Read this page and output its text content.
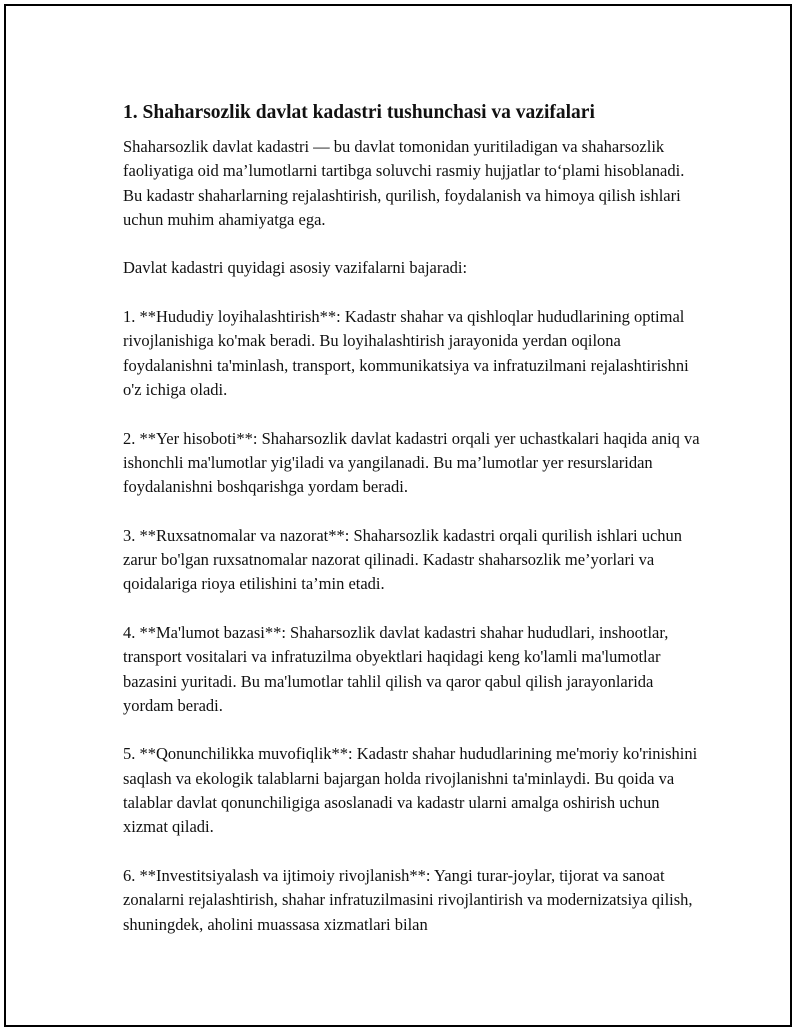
1. Shaharsozlik davlat kadastri tushunchasi va vazifalari

Shaharsozlik davlat kadastri — bu davlat tomonidan yuritiladigan va shaharsozlik faoliyatiga oid ma’lumotlarni tartibga soluvchi rasmiy hujjatlar to‘plami hisoblanadi. Bu kadastr shaharlarning rejalashtirish, qurilish, foydalanish va himoya qilish ishlari uchun muhim ahamiyatga ega.

Davlat kadastri quyidagi asosiy vazifalarni bajaradi:

1. **Hududiy loyihalashtirish**: Kadastr shahar va qishloqlar hududlarining optimal rivojlanishiga ko'mak beradi. Bu loyihalashtirish jarayonida yerdan oqilona foydalanishni ta'minlash, transport, kommunikatsiya va infratuzilmani rejalashtirishni o'z ichiga oladi.

2. **Yer hisoboti**: Shaharsozlik davlat kadastri orqali yer uchastkalari haqida aniq va ishonchli ma'lumotlar yig'iladi va yangilanadi. Bu ma’lumotlar yer resurslaridan foydalanishni boshqarishga yordam beradi.

3. **Ruxsatnomalar va nazorat**: Shaharsozlik kadastri orqali qurilish ishlari uchun zarur bo'lgan ruxsatnomalar nazorat qilinadi. Kadastr shaharsozlik me’yorlari va qoidalariga rioya etilishini ta’min etadi.

4. **Ma'lumot bazasi**: Shaharsozlik davlat kadastri shahar hududlari, inshootlar, transport vositalari va infratuzilma obyektlari haqidagi keng ko'lamli ma'lumotlar bazasini yuritadi. Bu ma'lumotlar tahlil qilish va qaror qabul qilish jarayonlarida yordam beradi.

5. **Qonunchilikka muvofiqlik**: Kadastr shahar hududlarining me'moriy ko'rinishini saqlash va ekologik talablarni bajargan holda rivojlanishni ta'minlaydi. Bu qoida va talablar davlat qonunchiligiga asoslanadi va kadastr ularni amalga oshirish uchun xizmat qiladi.

6. **Investitsiyalash va ijtimoiy rivojlanish**: Yangi turar-joylar, tijorat va sanoat zonalarni rejalashtirish, shahar infratuzilmasini rivojlantirish va modernizatsiya qilish, shuningdek, aholini muassasa xizmatlari bilan
